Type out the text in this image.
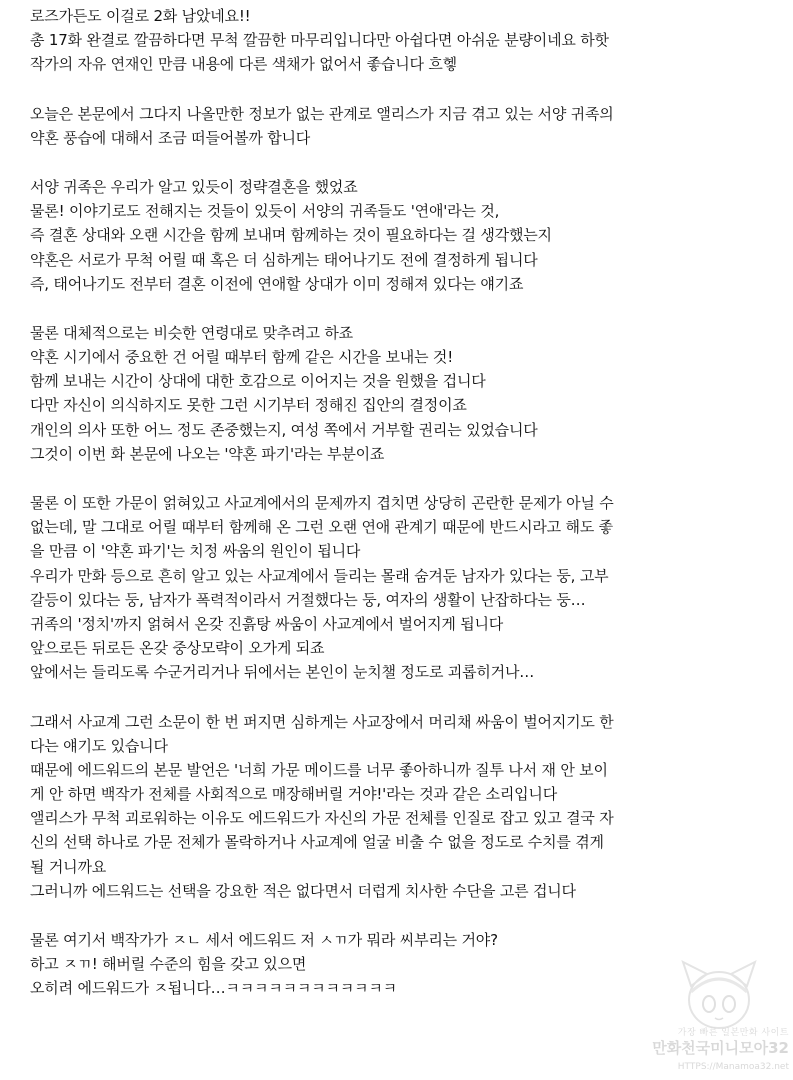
로즈가든도 이걸로 2화 남았네요!!
총 17화 완결로 깔끔하다면 무척 깔끔한 마무리입니다만 아쉽다면 아쉬운 분량이네요 하핫
작가의 자유 연재인 만큼 내용에 다른 색채가 없어서 좋습니다 흐헿
오늘은 본문에서 그다지 나올만한 정보가 없는 관계로 앨리스가 지금 겪고 있는 서양 귀족의
약혼 풍습에 대해서 조금 떠들어볼까 합니다
서양 귀족은 우리가 알고 있듯이 정략결혼을 했었죠
물론! 이야기로도 전해지는 것들이 있듯이 서양의 귀족들도 '연애'라는 것,
즉 결혼 상대와 오랜 시간을 함께 보내며 함께하는 것이 필요하다는 걸 생각했는지
약혼은 서로가 무척 어릴 때 혹은 더 심하게는 태어나기도 전에 결정하게 됩니다
즉, 태어나기도 전부터 결혼 이전에 연애할 상대가 이미 정해져 있다는 얘기죠
물론 대체적으로는 비슷한 연령대로 맞추려고 하죠
약혼 시기에서 중요한 건 어릴 때부터 함께 같은 시간을 보내는 것!
함께 보내는 시간이 상대에 대한 호감으로 이어지는 것을 원했을 겁니다
다만 자신이 의식하지도 못한 그런 시기부터 정해진 집안의 결정이죠
개인의 의사 또한 어느 정도 존중했는지, 여성 쪽에서 거부할 권리는 있었습니다
그것이 이번 화 본문에 나오는 '약혼 파기'라는 부분이죠
물론 이 또한 가문이 얽혀있고 사교계에서의 문제까지 겹치면 상당히 곤란한 문제가 아닐 수
없는데, 말 그대로 어릴 때부터 함께해 온 그런 오랜 연애 관계기 때문에 반드시라고 해도 좋
을 만큼 이 '약혼 파기'는 치정 싸움의 원인이 됩니다
우리가 만화 등으로 흔히 알고 있는 사교계에서 들리는 몰래 숨겨둔 남자가 있다는 둥, 고부
갈등이 있다는 둥, 남자가 폭력적이라서 거절했다는 둥, 여자의 생활이 난잡하다는 둥…
귀족의 '정치'까지 얽혀서 온갖 진흙탕 싸움이 사교계에서 벌어지게 됩니다
앞으로든 뒤로든 온갖 중상모략이 오가게 되죠
앞에서는 들리도록 수군거리거나 뒤에서는 본인이 눈치챌 정도로 괴롭히거나…
그래서 사교계 그런 소문이 한 번 퍼지면 심하게는 사교장에서 머리채 싸움이 벌어지기도 한
다는 얘기도 있습니다
때문에 에드워드의 본문 발언은 '너희 가문 메이드를 너무 좋아하니까 질투 나서 재 안 보이
게 안 하면 백작가 전체를 사회적으로 매장해버릴 거야!'라는 것과 같은 소리입니다
앨리스가 무척 괴로워하는 이유도 에드워드가 자신의 가문 전체를 인질로 잡고 있고 결국 자
신의 선택 하나로 가문 전체가 몰락하거나 사교계에 얼굴 비출 수 없을 정도로 수치를 겪게
될 거니까요
그러니까 에드워드는 선택을 강요한 적은 없다면서 더럽게 치사한 수단을 고른 겁니다
물론 여기서 백작가가 ㅈㄴ 세서 에드워드 저 ㅅㄲ가 뭐라 씨부리는 거야?
하고 ㅈㄲ! 해버릴 수준의 힘을 갖고 있으면
오히려 에드워드가 ㅈ됩니다…ㅋㅋㅋㅋㅋㅋㅋㅋㅋㅋㅋㅋ
가장 빠른 일본만화 사이트
만화천국미니모아32
HTTPS://Manamoa32.net
